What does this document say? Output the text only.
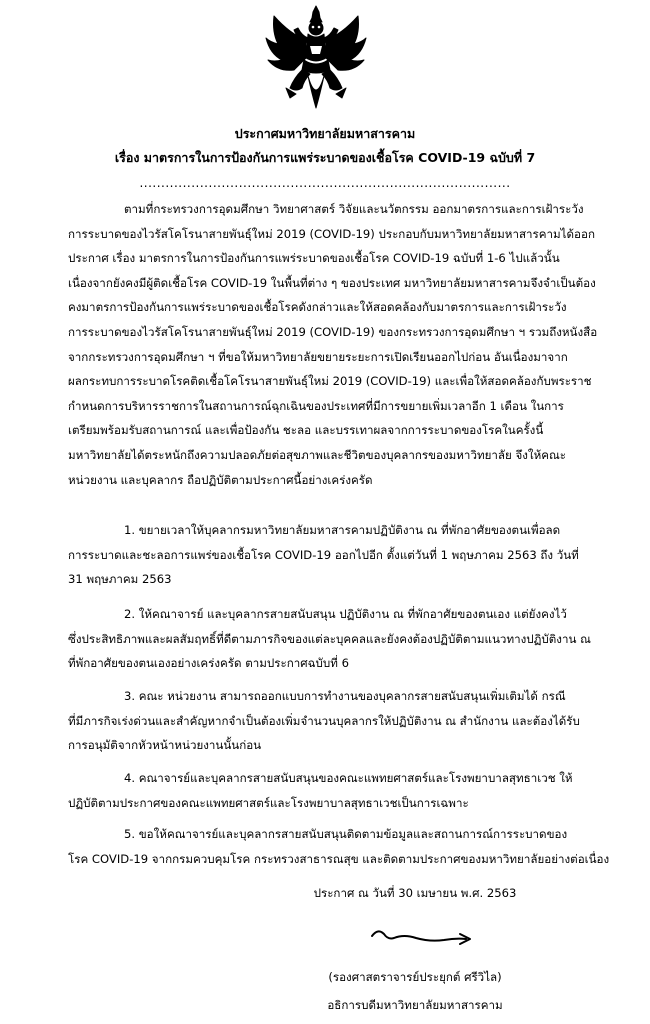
ประกาศมหาวิทยาลัยมหาสารคาม
เรื่อง มาตรการในการป้องกันการแพร่ระบาดของเชื้อโรค COVID-19 ฉบับที่ 7
......................................................................................
ตามที่กระทรวงการอุดมศึกษา วิทยาศาสตร์ วิจัยและนวัตกรรม ออกมาตรการและการเฝ้าระวัง
การระบาดของไวรัสโคโรนาสายพันธุ์ใหม่ 2019 (COVID-19) ประกอบกับมหาวิทยาลัยมหาสารคามได้ออก
ประกาศ เรื่อง มาตรการในการป้องกันการแพร่ระบาดของเชื้อโรค COVID-19 ฉบับที่ 1-6 ไปแล้วนั้น
เนื่องจากยังคงมีผู้ติดเชื้อโรค COVID-19 ในพื้นที่ต่าง ๆ ของประเทศ มหาวิทยาลัยมหาสารคามจึงจำเป็นต้อง
คงมาตรการป้องกันการแพร่ระบาดของเชื้อโรคดังกล่าวและให้สอดคล้องกับมาตรการและการเฝ้าระวัง
การระบาดของไวรัสโคโรนาสายพันธุ์ใหม่ 2019 (COVID-19) ของกระทรวงการอุดมศึกษา ฯ รวมถึงหนังสือ
จากกระทรวงการอุดมศึกษา ฯ ที่ขอให้มหาวิทยาลัยขยายระยะการเปิดเรียนออกไปก่อน อันเนื่องมาจาก
ผลกระทบการระบาดโรคติดเชื้อโคโรนาสายพันธุ์ใหม่ 2019 (COVID-19) และเพื่อให้สอดคล้องกับพระราช
กำหนดการบริหารราชการในสถานการณ์ฉุกเฉินของประเทศที่มีการขยายเพิ่มเวลาอีก 1 เดือน ในการ
เตรียมพร้อมรับสถานการณ์ และเพื่อป้องกัน ชะลอ และบรรเทาผลจากการระบาดของโรคในครั้งนี้
มหาวิทยาลัยได้ตระหนักถึงความปลอดภัยต่อสุขภาพและชีวิตของบุคลากรของมหาวิทยาลัย จึงให้คณะ
หน่วยงาน และบุคลากร ถือปฏิบัติตามประกาศนี้อย่างเคร่งครัด
1. ขยายเวลาให้บุคลากรมหาวิทยาลัยมหาสารคามปฏิบัติงาน ณ ที่พักอาศัยของตนเพื่อลด
การระบาดและชะลอการแพร่ของเชื้อโรค COVID-19 ออกไปอีก ตั้งแต่วันที่ 1 พฤษภาคม 2563 ถึง วันที่
31 พฤษภาคม 2563
2. ให้คณาจารย์ และบุคลากรสายสนับสนุน ปฏิบัติงาน ณ ที่พักอาศัยของตนเอง แต่ยังคงไว้
ซึ่งประสิทธิภาพและผลสัมฤทธิ์ที่ดีตามภารกิจของแต่ละบุคคลและยังคงต้องปฏิบัติตามแนวทางปฏิบัติงาน ณ
ที่พักอาศัยของตนเองอย่างเคร่งครัด ตามประกาศฉบับที่ 6
3. คณะ หน่วยงาน สามารถออกแบบการทำงานของบุคลากรสายสนับสนุนเพิ่มเติมได้ กรณี
ที่มีภารกิจเร่งด่วนและสำคัญหากจำเป็นต้องเพิ่มจำนวนบุคลากรให้ปฏิบัติงาน ณ สำนักงาน และต้องได้รับ
การอนุมัติจากหัวหน้าหน่วยงานนั้นก่อน
4. คณาจารย์และบุคลากรสายสนับสนุนของคณะแพทยศาสตร์และโรงพยาบาลสุทธาเวช ให้
ปฏิบัติตามประกาศของคณะแพทยศาสตร์และโรงพยาบาลสุทธาเวชเป็นการเฉพาะ
5. ขอให้คณาจารย์และบุคลากรสายสนับสนุนติดตามข้อมูลและสถานการณ์การระบาดของ
โรค COVID-19 จากกรมควบคุมโรค กระทรวงสาธารณสุข และติดตามประกาศของมหาวิทยาลัยอย่างต่อเนื่อง
ประกาศ ณ วันที่ 30 เมษายน พ.ศ. 2563
(รองศาสตราจารย์ประยุกต์ ศรีวิไล)
อธิการบดีมหาวิทยาลัยมหาสารคาม
